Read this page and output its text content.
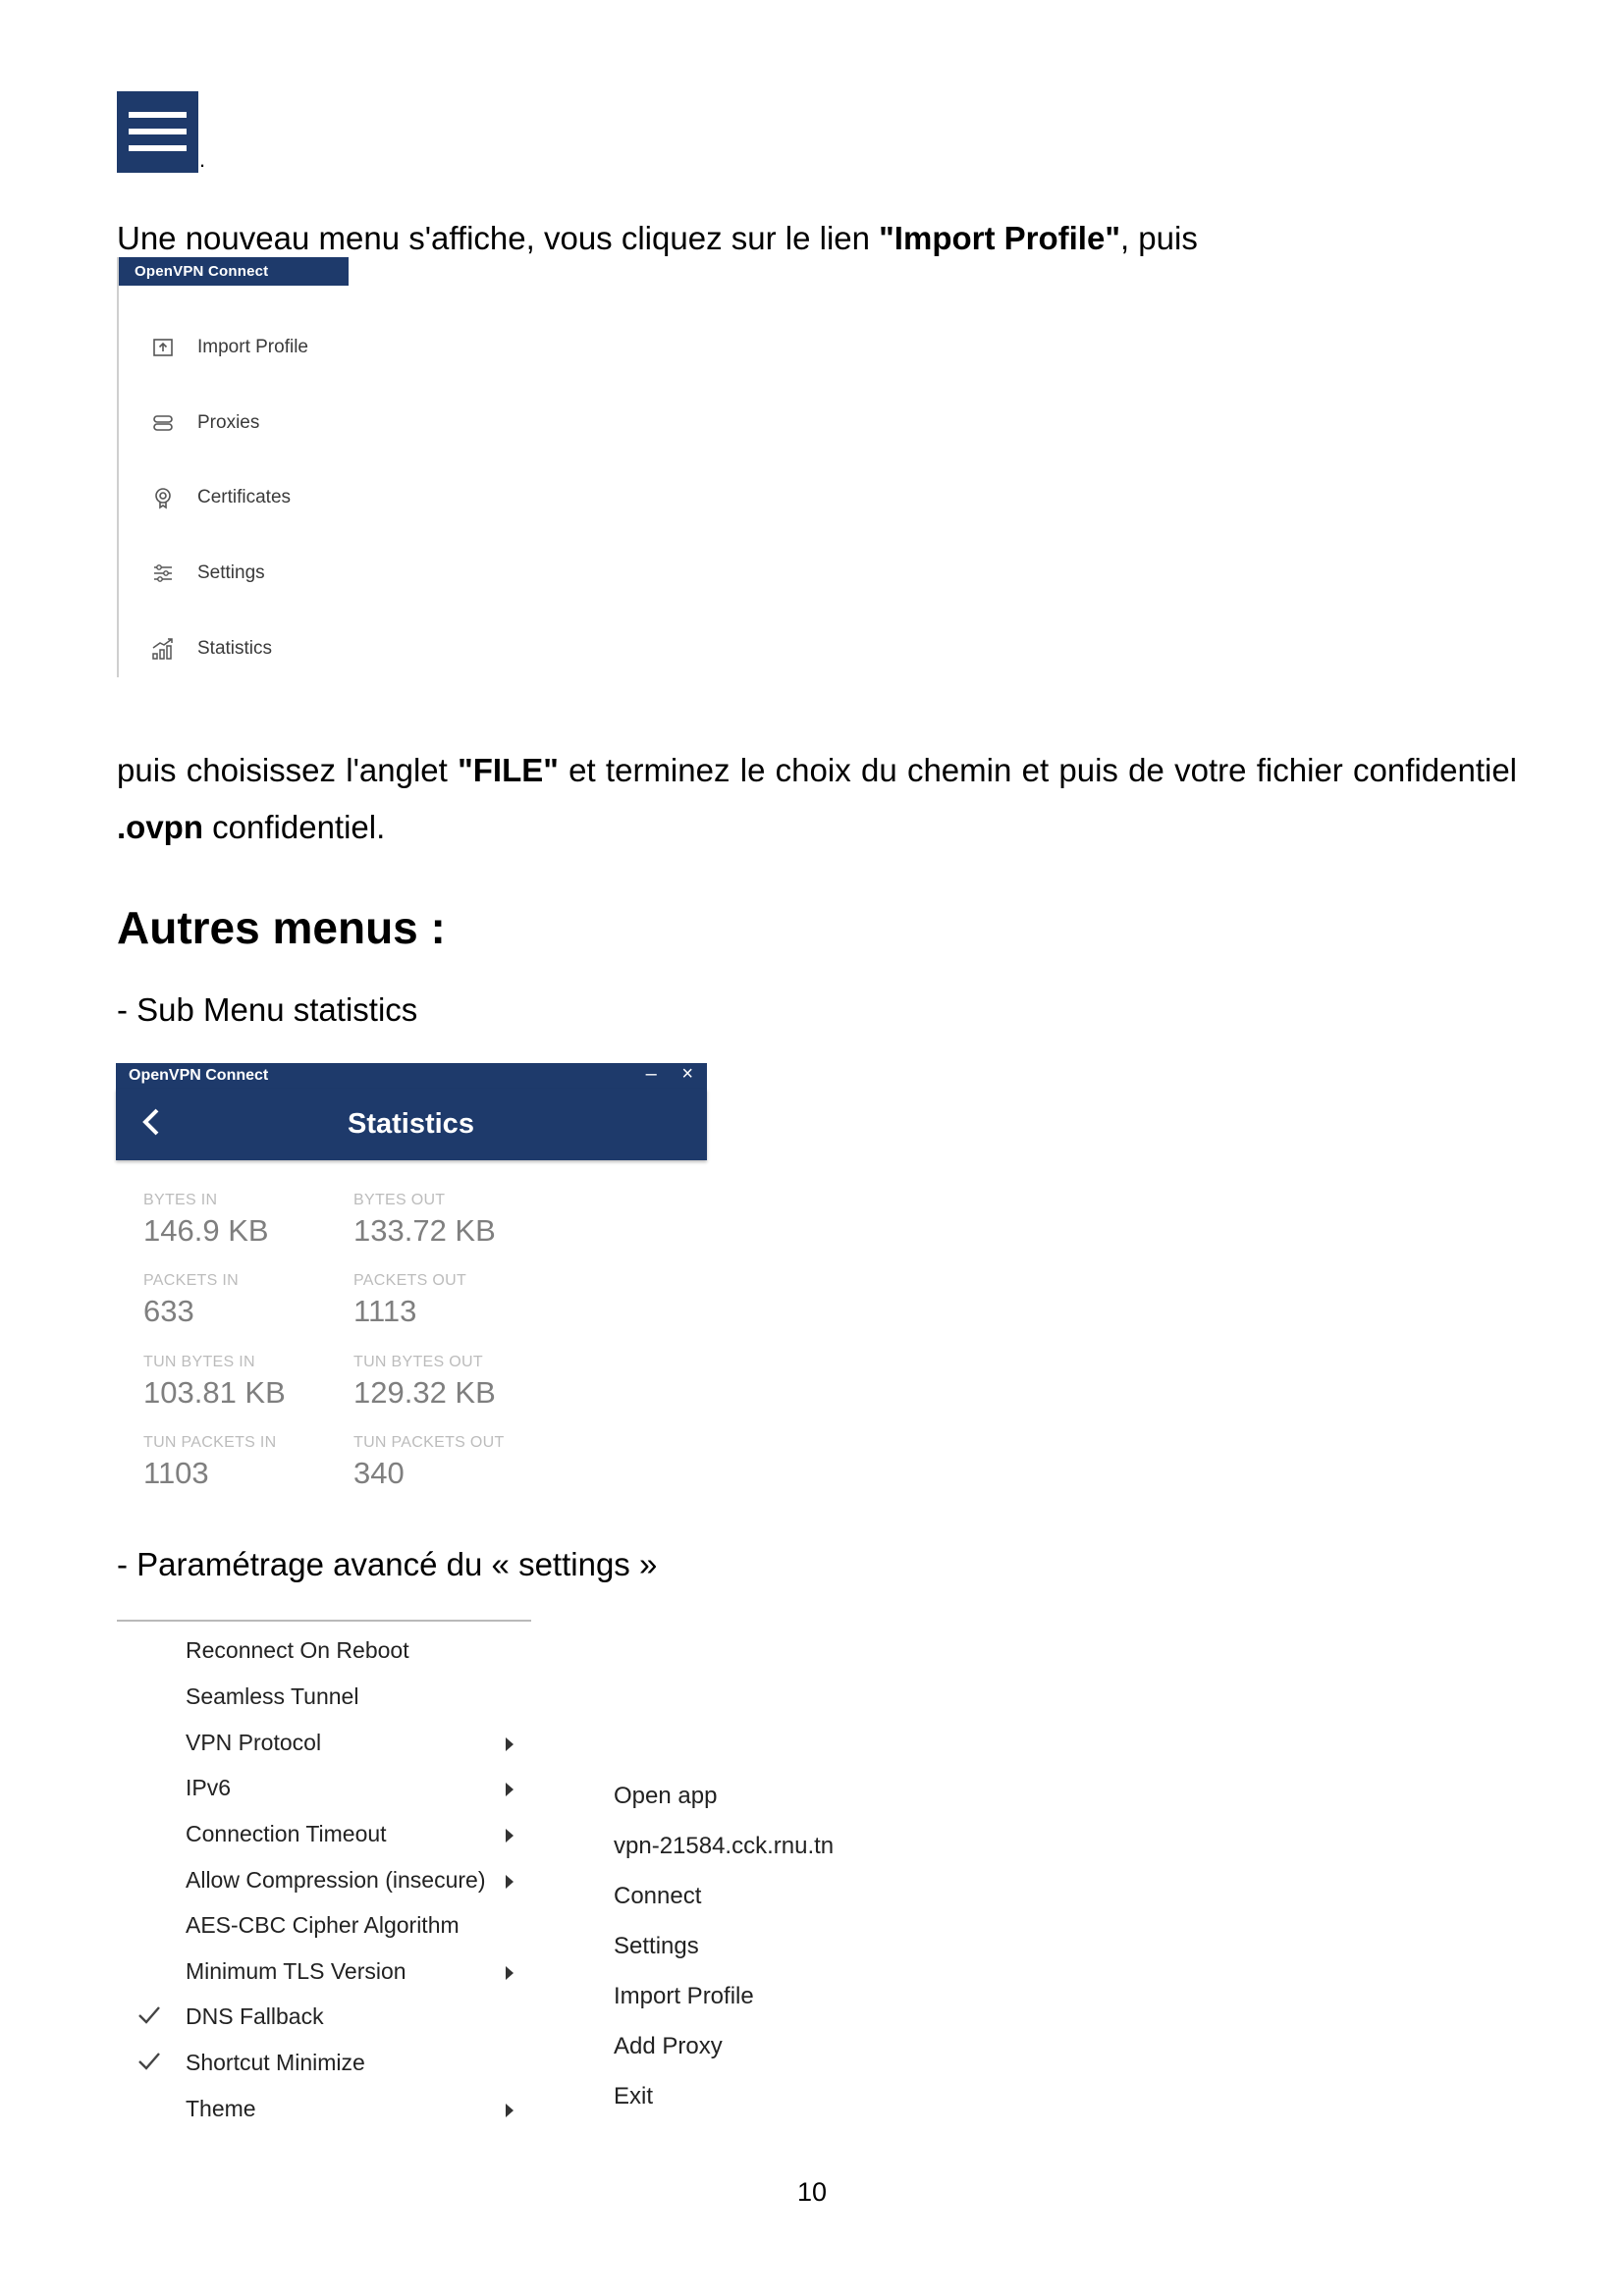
.
Une nouveau menu s'affiche, vous cliquez sur le lien "Import Profile", puis
OpenVPN Connect
Import Profile
Proxies
Certificates
Settings
Statistics
puis choisissez l'anglet "FILE" et terminez le choix du chemin et puis de votre fichier confidentiel .ovpn confidentiel.
Autres menus :
- Sub Menu statistics
OpenVPN Connect	– ×
Statistics
BYTES IN
146.9 KB
BYTES OUT
133.72 KB
PACKETS IN
633
PACKETS OUT
1113
TUN BYTES IN
103.81 KB
TUN BYTES OUT
129.32 KB
TUN PACKETS IN
1103
TUN PACKETS OUT
340
- Paramétrage avancé du « settings »
Reconnect On Reboot
Seamless Tunnel
VPN Protocol
IPv6
Connection Timeout
Allow Compression (insecure)
AES-CBC Cipher Algorithm
Minimum TLS Version
DNS Fallback
Shortcut Minimize
Theme
Open app
vpn-21584.cck.rnu.tn
Connect
Settings
Import Profile
Add Proxy
Exit
10
